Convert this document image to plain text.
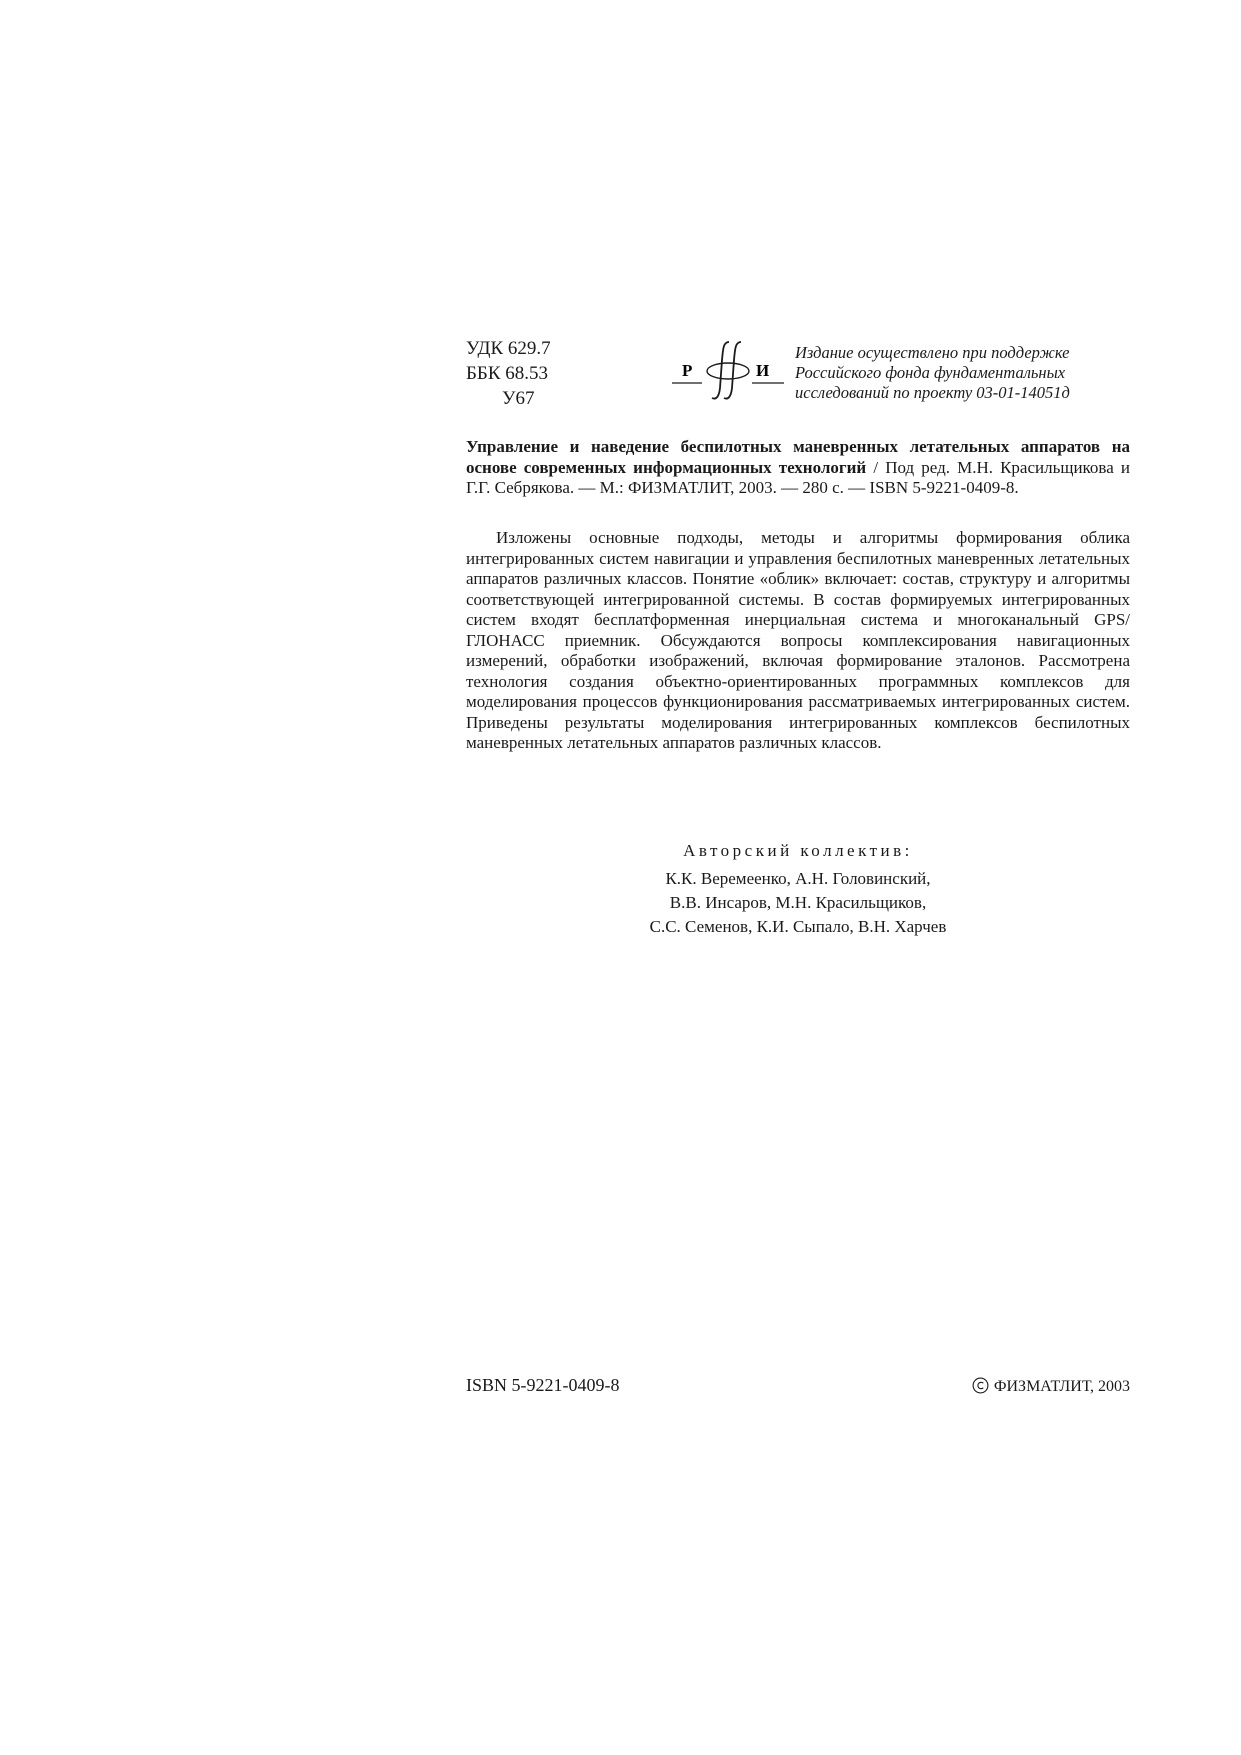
УДК 629.7
ББК 68.53
У67
Р	И
Издание осуществлено при поддержке
Российского фонда фундаментальных
исследований по проекту 03-01-14051д
Управление и наведение беспилотных маневренных летательных аппаратов на основе современных информационных технологий / Под ред. М.Н. Красильщикова и Г.Г. Себрякова. — М.: ФИЗМАТЛИТ, 2003. — 280 с. — ISBN 5-9221-0409-8.

Изложены основные подходы, методы и алгоритмы формирования облика интегрированных систем навигации и управления беспилотных маневренных летательных аппаратов различных классов. Понятие «облик» включает: состав, структуру и алгоритмы соответствующей интегрированной системы. В состав формируемых интегрированных систем входят бесплатформенная инерциальная система и многоканальный GPS/ГЛОНАСС приемник. Обсуждаются вопросы комплексирования навигационных измерений, обработки изображений, включая формирование эталонов. Рассмотрена технология создания объектно-ориентированных программных комплексов для моделирования процессов функционирования рассматриваемых интегрированных систем. Приведены результаты моделирования интегрированных комплексов беспилотных маневренных летательных аппаратов различных классов.

Авторский коллектив:
К.К. Веремеенко, А.Н. Головинский,
В.В. Инсаров, М.Н. Красильщиков,
С.С. Семенов, К.И. Сыпало, В.Н. Харчев
ISBN 5-9221-0409-8	ФИЗМАТЛИТ, 2003
